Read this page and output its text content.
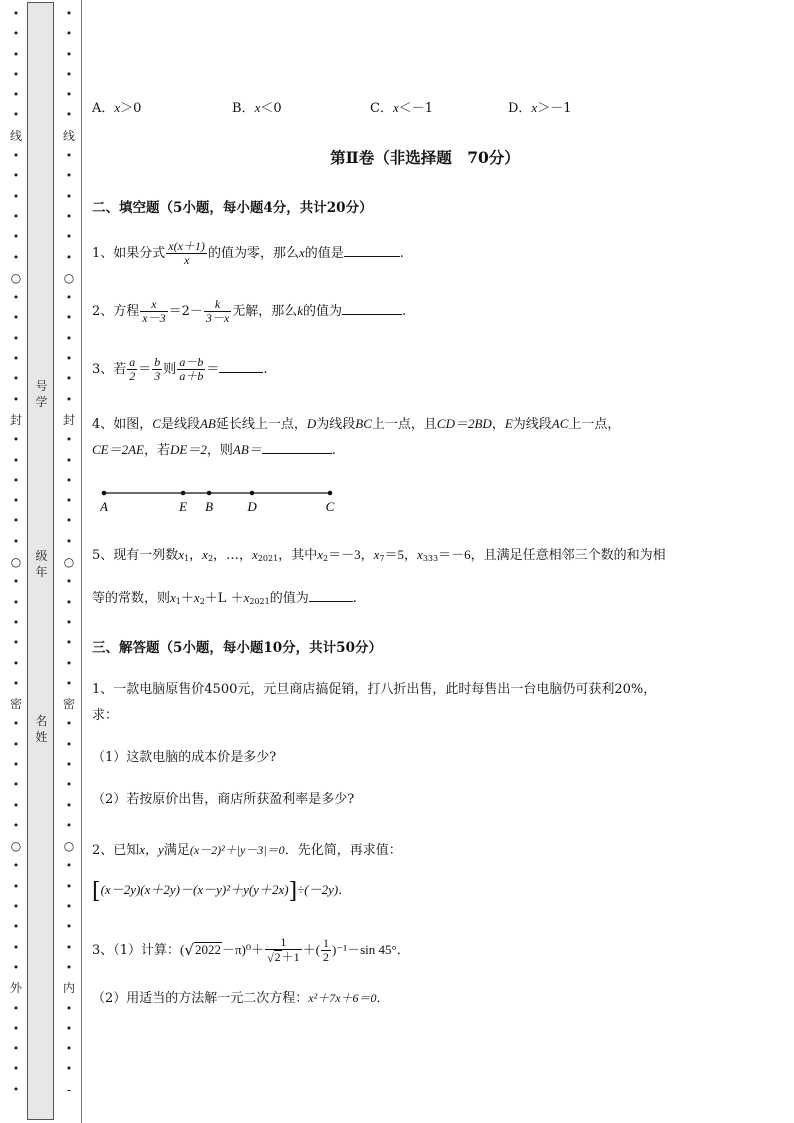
•
•
•
•
•
•
线
•
•
•
•
•
•
○
•
•
•
•
•
•
封
•
•
•
•
•
•
○
•
•
•
•
•
•
密
•
•
•
•
•
•
○
•
•
•
•
•
•
外
•
•
•
•
•
号
学
级
年
名
姓
•
•
•
•
•
•
线
•
•
•
•
•
•
○
•
•
•
•
•
•
封
•
•
•
•
•
•
○
•
•
•
•
•
•
密
•
•
•
•
•
•
○
•
•
•
•
•
•
内
•
•
•
•
-
A．x＞0	B．x＜0	C．x＜－1	D．x＞－1
第Ⅱ卷（非选择题　70分）
二、填空题（5小题，每小题4分，共计20分）
1、如果分式 $\frac{x(x+1)}{x}$ 的值为零，那么x的值是	.
2、方程 $\frac{x}{x-3} =2- \frac{k}{3-x}$ 无解，那么k的值为	.
3、若 $\frac{a}{2} = \frac{b}{3}$ 则 $\frac{a-b}{a+b}$ ＝	.
4、如图，C是线段AB延长线上一点，D为线段BC上一点，且CD＝2BD，E为线段AC上一点，
CE＝2AE，若DE＝2，则AB＝	.
A	E B	D	C
5、现有一列数$x_1$，$x_2$，…，$x_{2021}$，其中$x_2=-3$，$x_7=5$，$x_{333}=-6$，且满足任意相邻三个数的和为相
等的常数，则$x_1+x_2+L +x_{2021}$的值为	.
三、解答题（5小题，每小题10分，共计50分）
1、一款电脑原售价4500元，元旦商店搞促销，打八折出售，此时每售出一台电脑仍可获利20%，
求：
（1）这款电脑的成本价是多少?
（2）若按原价出售，商店所获盈利率是多少?
2、已知x，y满足(x－2)²＋|y－3|＝0．先化简，再求值：
[(x－2y)(x＋2y)－(x－y)²＋y(y＋2x)]÷(－2y)．
3、（1）计算：$(√2022-\pi)^0+ \frac{1}{√2+1}$ ＋( $\frac{1}{2} )^{-1}-\sin$ 45°．
（2）用适当的方法解一元二次方程：x²＋7x＋6＝0．
